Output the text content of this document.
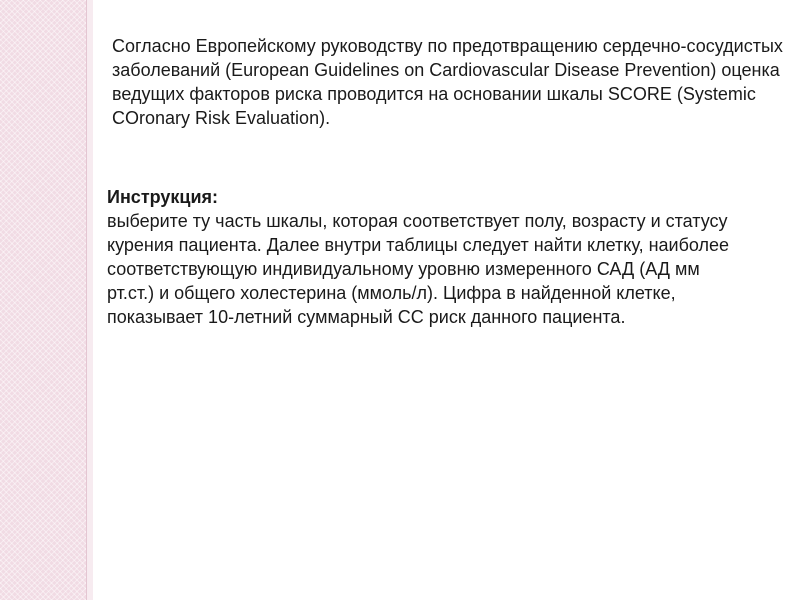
Согласно Европейскому руководству по предотвращению сердечно-сосудистых заболеваний (European Guidelines on Cardiovascular Disease Prevention) оценка ведущих факторов риска проводится на основании шкалы SCORE (Systemic COronary Risk Evaluation).

Инструкция:
выберите ту часть шкалы, которая соответствует полу, возрасту и статусу курения пациента. Далее внутри таблицы следует найти клетку, наиболее соответствующую индивидуальному уровню измеренного САД (АД мм рт.ст.) и общего холестерина (ммоль/л). Цифра в найденной клетке, показывает 10-летний суммарный СС риск данного пациента.
